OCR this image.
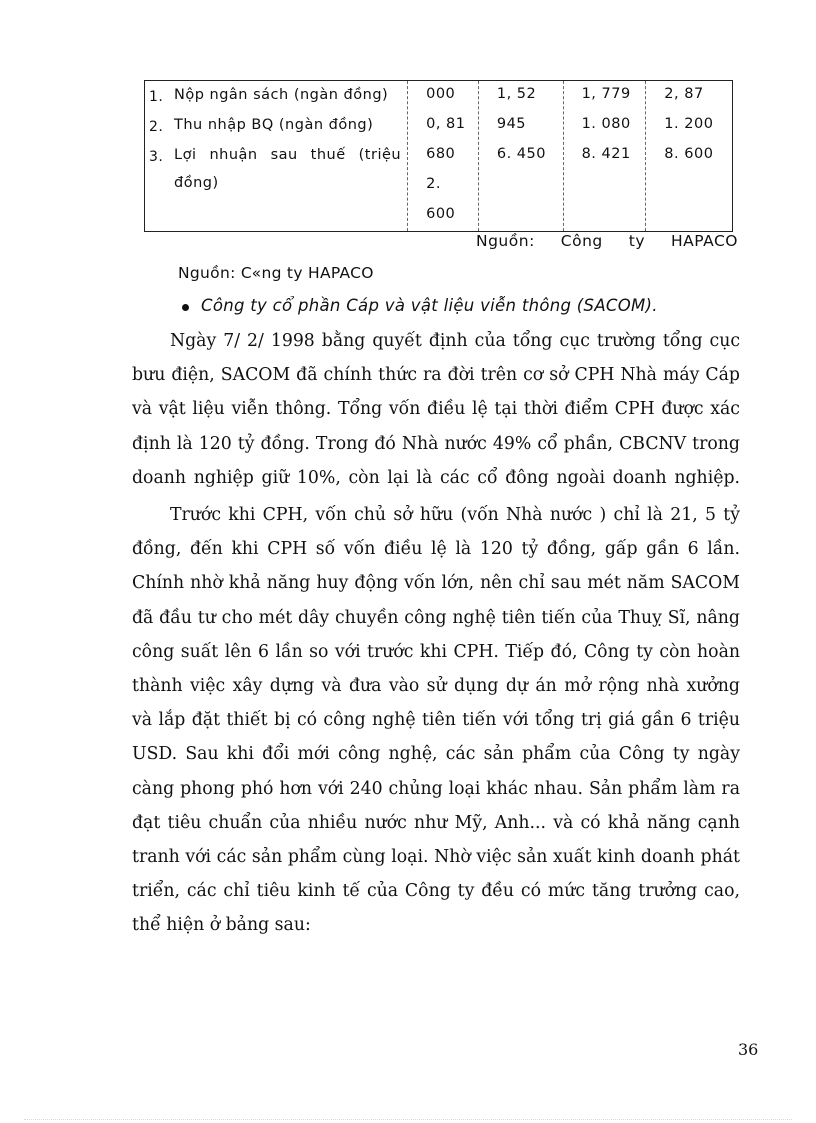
1. Nộp ngân sách (ngàn đồng)
2. Thu nhập BQ (ngàn đồng)
3. Lợi nhuận sau thuế (triệu
đồng)
000
0, 81
680
2.
600
1, 52
945
6. 450
1, 779
1. 080
8. 421
2, 87
1. 200
8. 600
Nguồn: Công ty HAPACO
Nguồn: C«ng ty HAPACO
Công ty cổ phần Cáp và vật liệu viễn thông (SACOM).
Ngày 7/ 2/ 1998 bằng quyết định của tổng cục trường tổng cục
bưu điện, SACOM đã chính thức ra đời trên cơ sở CPH Nhà máy Cáp
và vật liệu viễn thông. Tổng vốn điều lệ tại thời điểm CPH được xác
định là 120 tỷ đồng. Trong đó Nhà nước 49% cổ phần, CBCNV trong
doanh nghiệp giữ 10%, còn lại là các cổ đông ngoài doanh nghiệp.
Trước khi CPH, vốn chủ sở hữu (vốn Nhà nước ) chỉ là 21, 5 tỷ
đồng, đến khi CPH số vốn điều lệ là 120 tỷ đồng, gấp gần 6 lần.
Chính nhờ khả năng huy động vốn lớn, nên chỉ sau mét năm SACOM
đã đầu tư cho mét dây chuyền công nghệ tiên tiến của Thuỵ Sĩ, nâng
công suất lên 6 lần so với trước khi CPH. Tiếp đó, Công ty còn hoàn
thành việc xây dựng và đưa vào sử dụng dự án mở rộng nhà xưởng
và lắp đặt thiết bị có công nghệ tiên tiến với tổng trị giá gần 6 triệu
USD. Sau khi đổi mới công nghệ, các sản phẩm của Công ty ngày
càng phong phó hơn với 240 chủng loại khác nhau. Sản phẩm làm ra
đạt tiêu chuẩn của nhiều nước như Mỹ, Anh... và có khả năng cạnh
tranh với các sản phẩm cùng loại. Nhờ việc sản xuất kinh doanh phát
triển, các chỉ tiêu kinh tế của Công ty đều có mức tăng trưởng cao,
thể hiện ở bảng sau:
36
